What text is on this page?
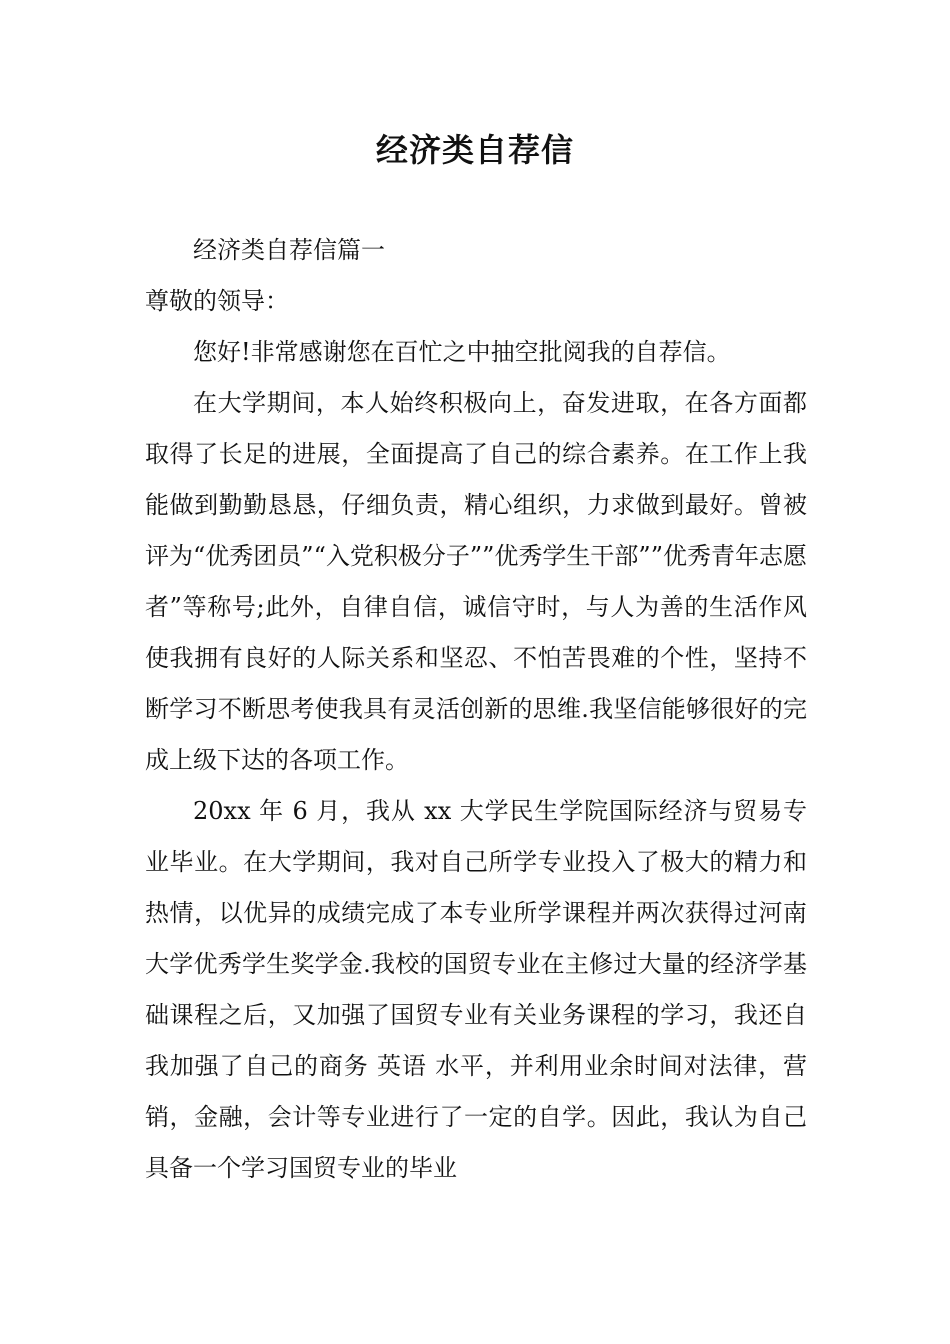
经济类自荐信

经济类自荐信篇一

尊敬的领导：

您好!非常感谢您在百忙之中抽空批阅我的自荐信。

在大学期间，本人始终积极向上，奋发进取，在各方面都取得了长足的进展，全面提高了自己的综合素养。在工作上我能做到勤勤恳恳，仔细负责，精心组织，力求做到最好。曾被评为“优秀团员”“入党积极分子””优秀学生干部””优秀青年志愿者”等称号;此外，自律自信，诚信守时，与人为善的生活作风使我拥有良好的人际关系和坚忍、不怕苦畏难的个性，坚持不断学习不断思考使我具有灵活创新的思维.我坚信能够很好的完成上级下达的各项工作。

20xx 年 6 月，我从 xx 大学民生学院国际经济与贸易专业毕业。在大学期间，我对自己所学专业投入了极大的精力和热情，以优异的成绩完成了本专业所学课程并两次获得过河南大学优秀学生奖学金.我校的国贸专业在主修过大量的经济学基础课程之后，又加强了国贸专业有关业务课程的学习，我还自我加强了自己的商务 英语 水平，并利用业余时间对法律，营销，金融，会计等专业进行了一定的自学。因此，我认为自己具备一个学习国贸专业的毕业
